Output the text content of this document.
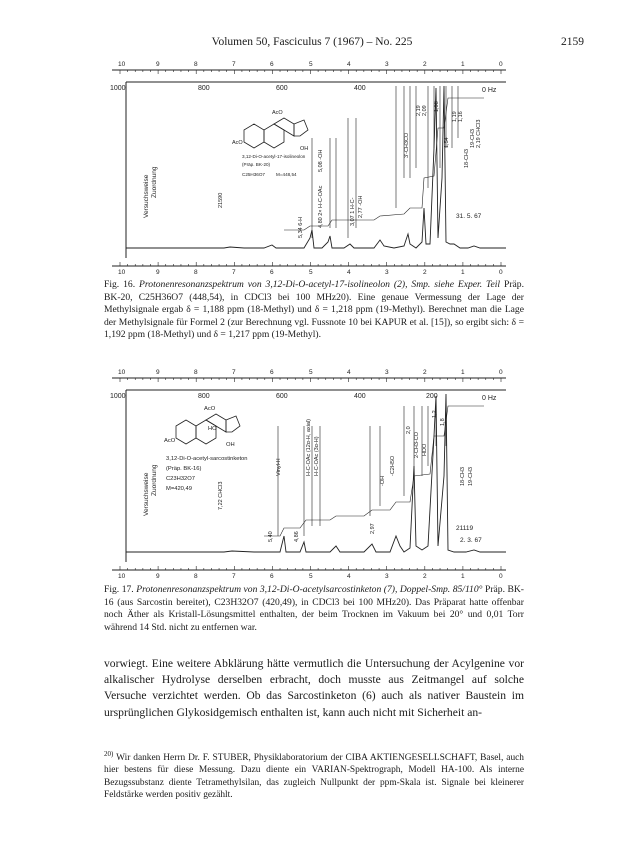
Volumen 50, Fasciculus 7 (1967) – No. 225	2159
10	9	8	7	6	5	4	3	2	1	0
10	9	8	7	6	5	4	3	2	1	0
1000	800	600	400	0 Hz
Versuchsweise Zuordnung
AcO
AcO
OH
3,12-Di-O-acetyl-17-isolineolon
(Präp. BK-20)
C25H36O7 M=448,54
5,34 6-H	4,80 2× H-C-OAc
5,08 -OH
3,07 1 H-C- 2,77 -OH
2,19 2,09 1,98
1,54
1,19 1,16
3'-CH3CO
18-CH3
19-CH3 2,19 CHCl3
21590
31. 5. 67

Fig. 16. Protonenresonanzspektrum von 3,12-Di-O-acetyl-17-isolineolon (2), Smp. siehe Exper. Teil Präp. BK-20, C25H36O7 (448,54), in CDCl3 bei 100 MHz20). Eine genaue Vermessung der Lage der Methylsignale ergab δ = 1,188 ppm (18-Methyl) und δ = 1,218 ppm (19-Methyl). Berechnet man die Lage der Methylsignale für Formel 2 (zur Berechnung vgl. Fussnote 10 bei KAPUR et al. [15]), so ergibt sich: δ = 1,192 ppm (18-Methyl) und δ = 1,217 ppm (19-Methyl).

10	9	8	7	6	5	4	3	2	1	0
10	9	8	7	6	5	4	3	2	1	0
1000	800	600	400	200	0 Hz
Versuchsweise Zuordnung
AcO
HO
AcO
OH
3,12-Di-O-acetyl-sarcostinketon
(Präp. BK-16)
C23H32O7
M=420,49
5,40	4,86
2,97
7,22 CHCl3
Vinyl-H	H-C-OAc (12α-H, axial) H-C-OAc (3α-H)
-OH
-C2H5O
2,0
2-CH3-CO HDO
1,8
1,2
18-CH3 19-CH3
21119
2. 3. 67

Fig. 17. Protonenresonanzspektrum von 3,12-Di-O-acetylsarcostinketon (7), Doppel-Smp. 85/110° Präp. BK-16 (aus Sarcostin bereitet), C23H32O7 (420,49), in CDCl3 bei 100 MHz20). Das Präparat hatte offenbar noch Äther als Kristall-Lösungsmittel enthalten, der beim Trocknen im Vakuum bei 20° und 0,01 Torr während 14 Std. nicht zu entfernen war.

vorwiegt. Eine weitere Abklärung hätte vermutlich die Untersuchung der Acylgenine vor alkalischer Hydrolyse derselben erbracht, doch musste aus Zeitmangel auf solche Versuche verzichtet werden. Ob das Sarcostinketon (6) auch als nativer Baustein im ursprünglichen Glykosidgemisch enthalten ist, kann auch nicht mit Sicherheit an-

$^{20)}$ Wir danken Herrn Dr. F. STUBER, Physiklaboratorium der CIBA AKTIENGESELLSCHAFT, Basel, auch hier bestens für diese Messung. Dazu diente ein VARIAN-Spektrograph, Modell HA-100. Als interne Bezugssubstanz diente Tetramethylsilan, das zugleich Nullpunkt der ppm-Skala ist. Signale bei kleinerer Feldstärke werden positiv gezählt.
